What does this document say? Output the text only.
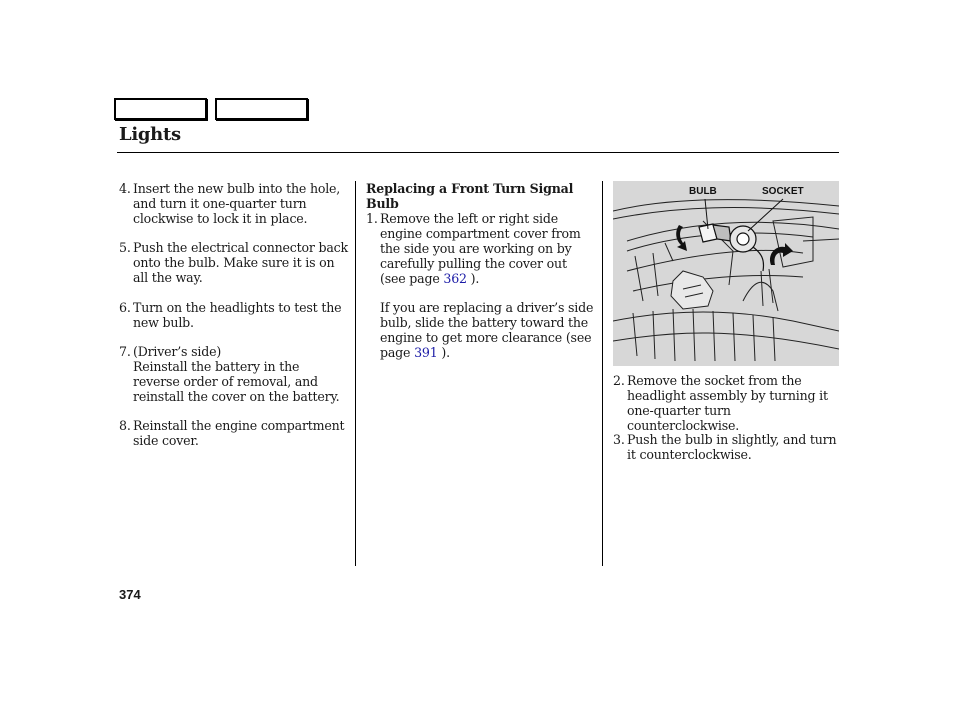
Lights
4. Insert the new bulb into the hole, and turn it one-quarter turn clockwise to lock it in place.
5. Push the electrical connector back onto the bulb. Make sure it is on all the way.
6. Turn on the headlights to test the new bulb.
7. (Driver’s side)
Reinstall the battery in the reverse order of removal, and reinstall the cover on the battery.
8. Reinstall the engine compartment side cover.
Replacing a Front Turn Signal Bulb
1. Remove the left or right side engine compartment cover from the side you are working on by carefully pulling the cover out (see page 362 ).
If you are replacing a driver’s side bulb, slide the battery toward the engine to get more clearance (see page 391 ).
BULB	SOCKET
2. Remove the socket from the headlight assembly by turning it one-quarter turn counterclockwise.
3. Push the bulb in slightly, and turn it counterclockwise.
374
